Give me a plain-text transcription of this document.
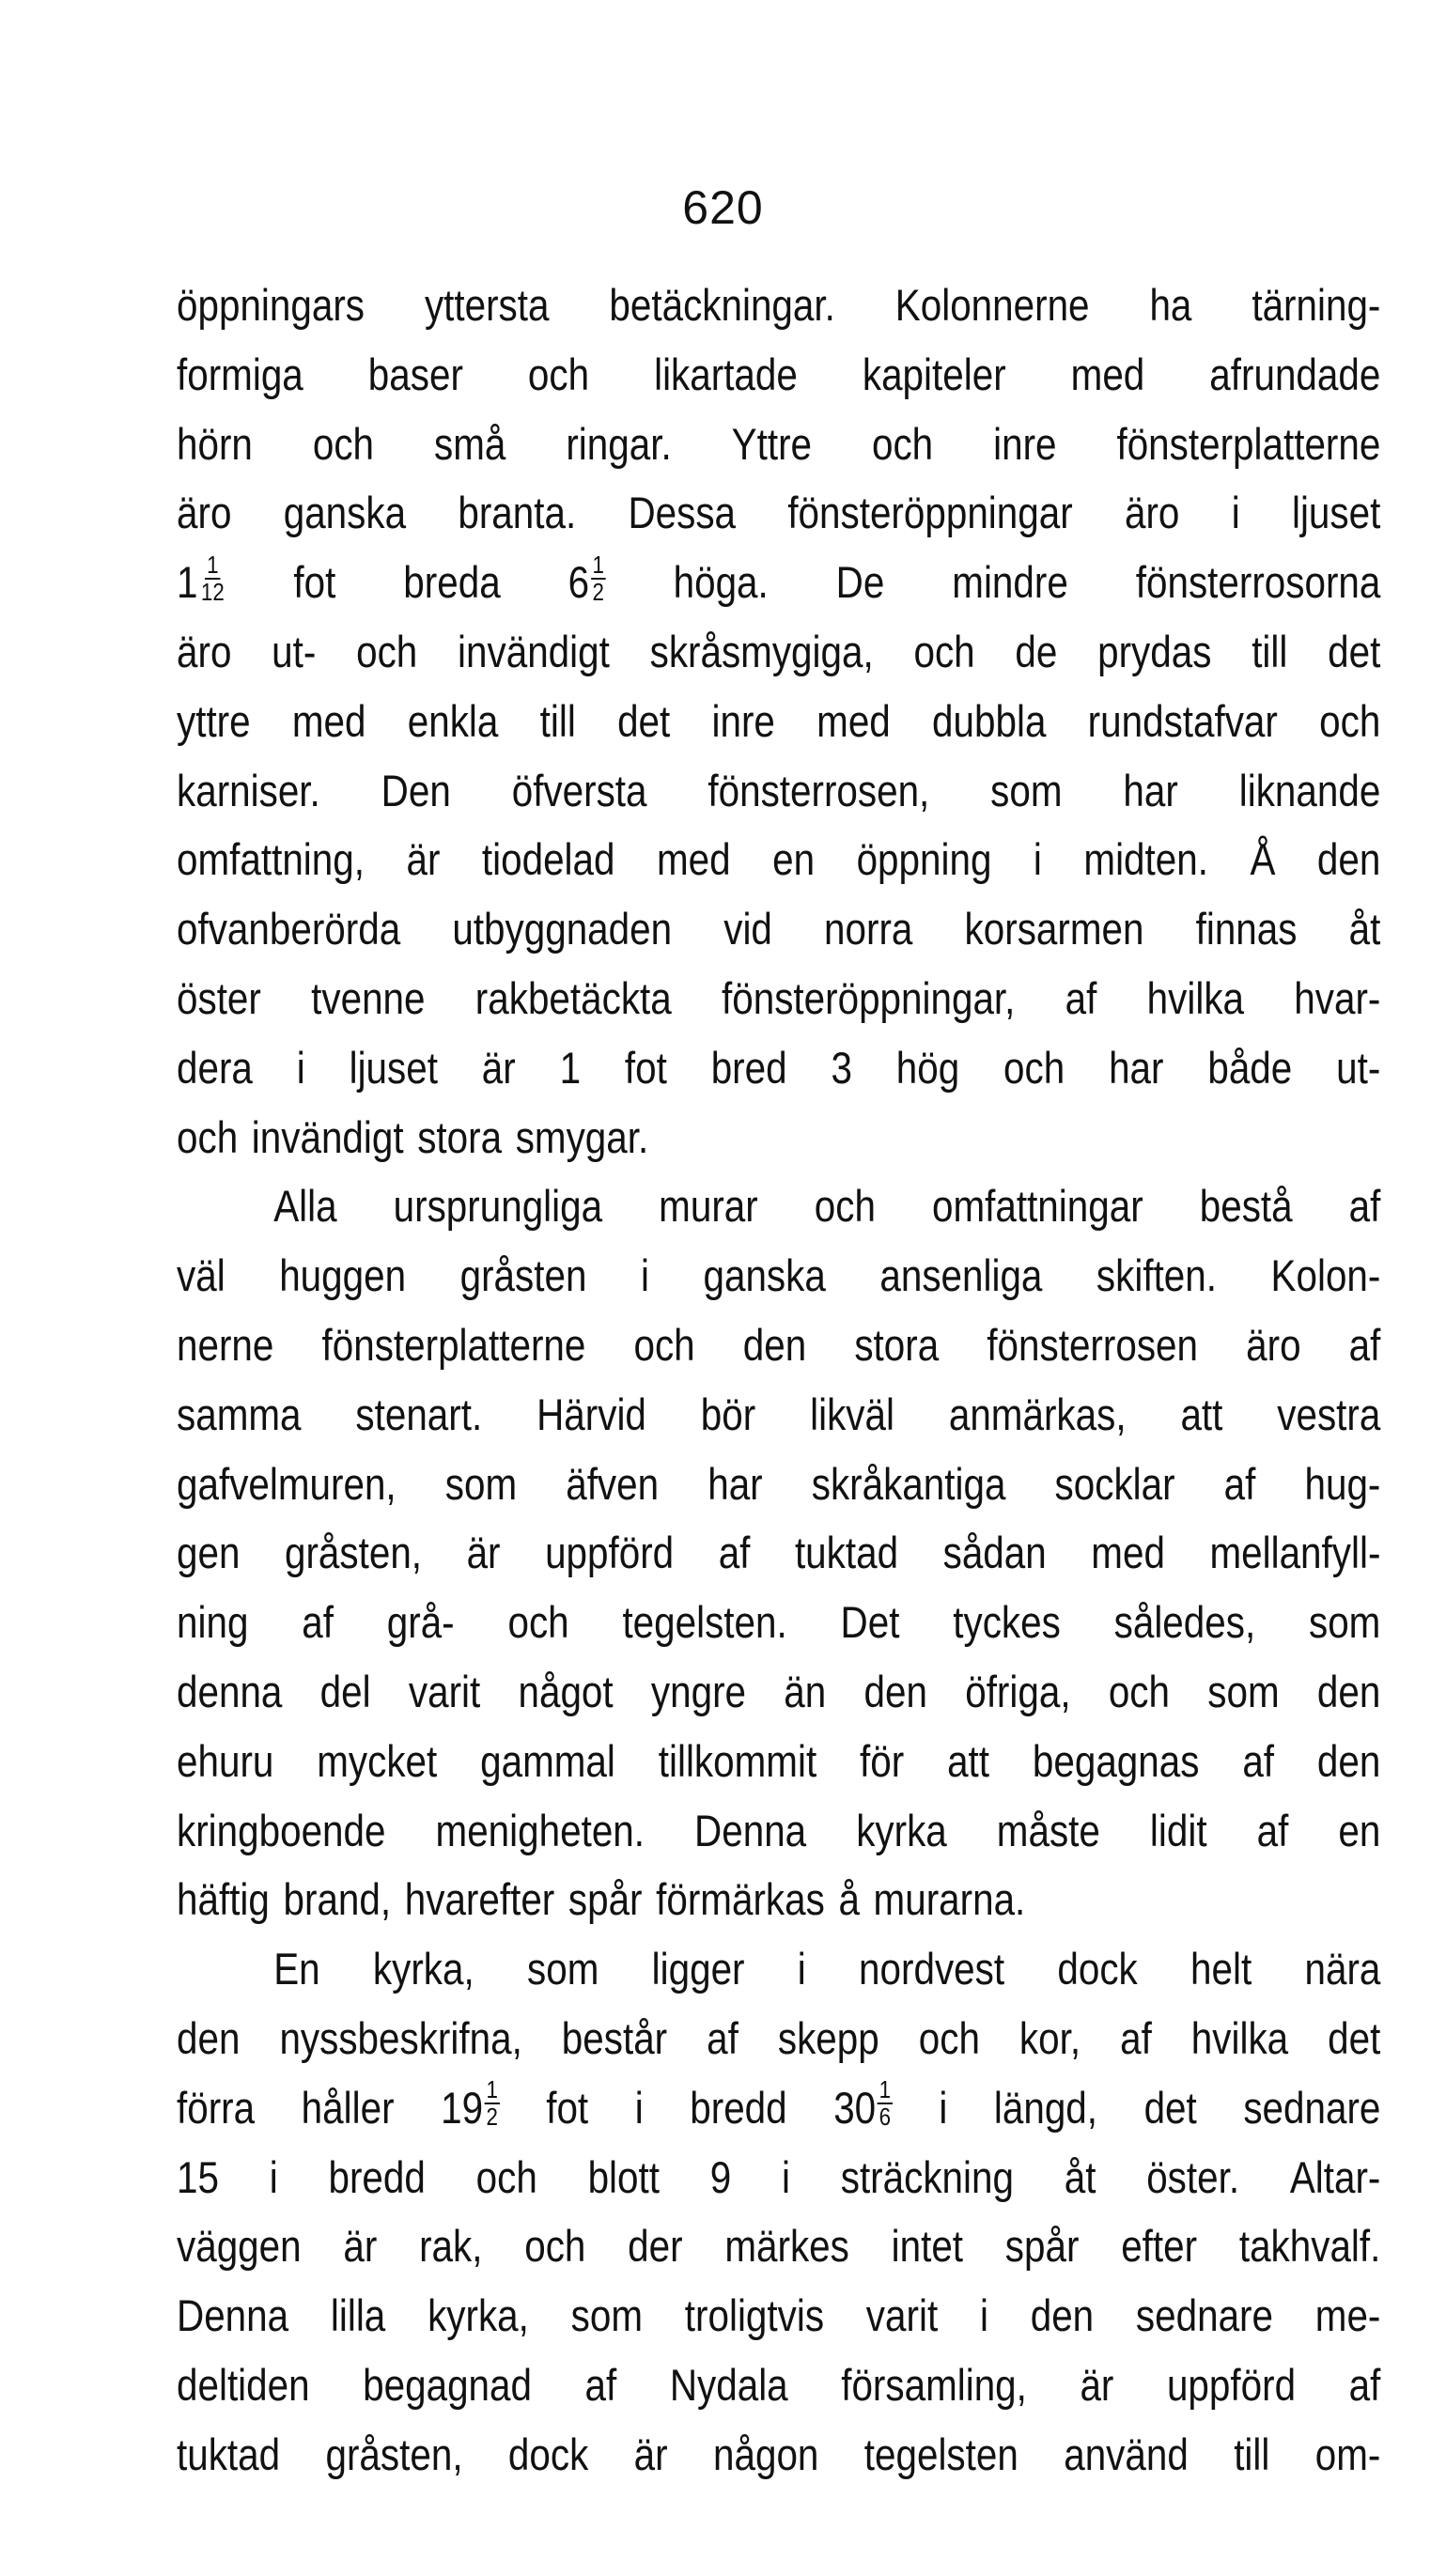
620
öppningars yttersta betäckningar. Kolonnerne ha tärning-
formiga baser och likartade kapiteler med afrundade
hörn och små ringar. Yttre och inre fönsterplatterne
äro ganska branta. Dessa fönsteröppningar äro i ljuset
$1 \frac{1}{12}$ fot breda $6 \frac{1}{2}$ höga. De mindre fönsterrosorna
äro ut- och invändigt skråsmygiga, och de prydas till det
yttre med enkla till det inre med dubbla rundstafvar och
karniser. Den öfversta fönsterrosen, som har liknande
omfattning, är tiodelad med en öppning i midten. Å den
ofvanberörda utbyggnaden vid norra korsarmen finnas åt
öster tvenne rakbetäckta fönsteröppningar, af hvilka hvar-
dera i ljuset är 1 fot bred 3 hög och har både ut-
och invändigt stora smygar.
Alla ursprungliga murar och omfattningar bestå af
väl huggen gråsten i ganska ansenliga skiften. Kolon-
nerne fönsterplatterne och den stora fönsterrosen äro af
samma stenart. Härvid bör likväl anmärkas, att vestra
gafvelmuren, som äfven har skråkantiga socklar af hug-
gen gråsten, är uppförd af tuktad sådan med mellanfyll-
ning af grå- och tegelsten. Det tyckes således, som
denna del varit något yngre än den öfriga, och som den
ehuru mycket gammal tillkommit för att begagnas af den
kringboende menigheten. Denna kyrka måste lidit af en
häftig brand, hvarefter spår förmärkas å murarna.
En kyrka, som ligger i nordvest dock helt nära
den nyssbeskrifna, består af skepp och kor, af hvilka det
förra håller $19 \frac{1}{2}$ fot i bredd $30 \frac{1}{6}$ i längd, det sednare
15 i bredd och blott 9 i sträckning åt öster. Altar-
väggen är rak, och der märkes intet spår efter takhvalf.
Denna lilla kyrka, som troligtvis varit i den sednare me-
deltiden begagnad af Nydala församling, är uppförd af
tuktad gråsten, dock är någon tegelsten använd till om-
